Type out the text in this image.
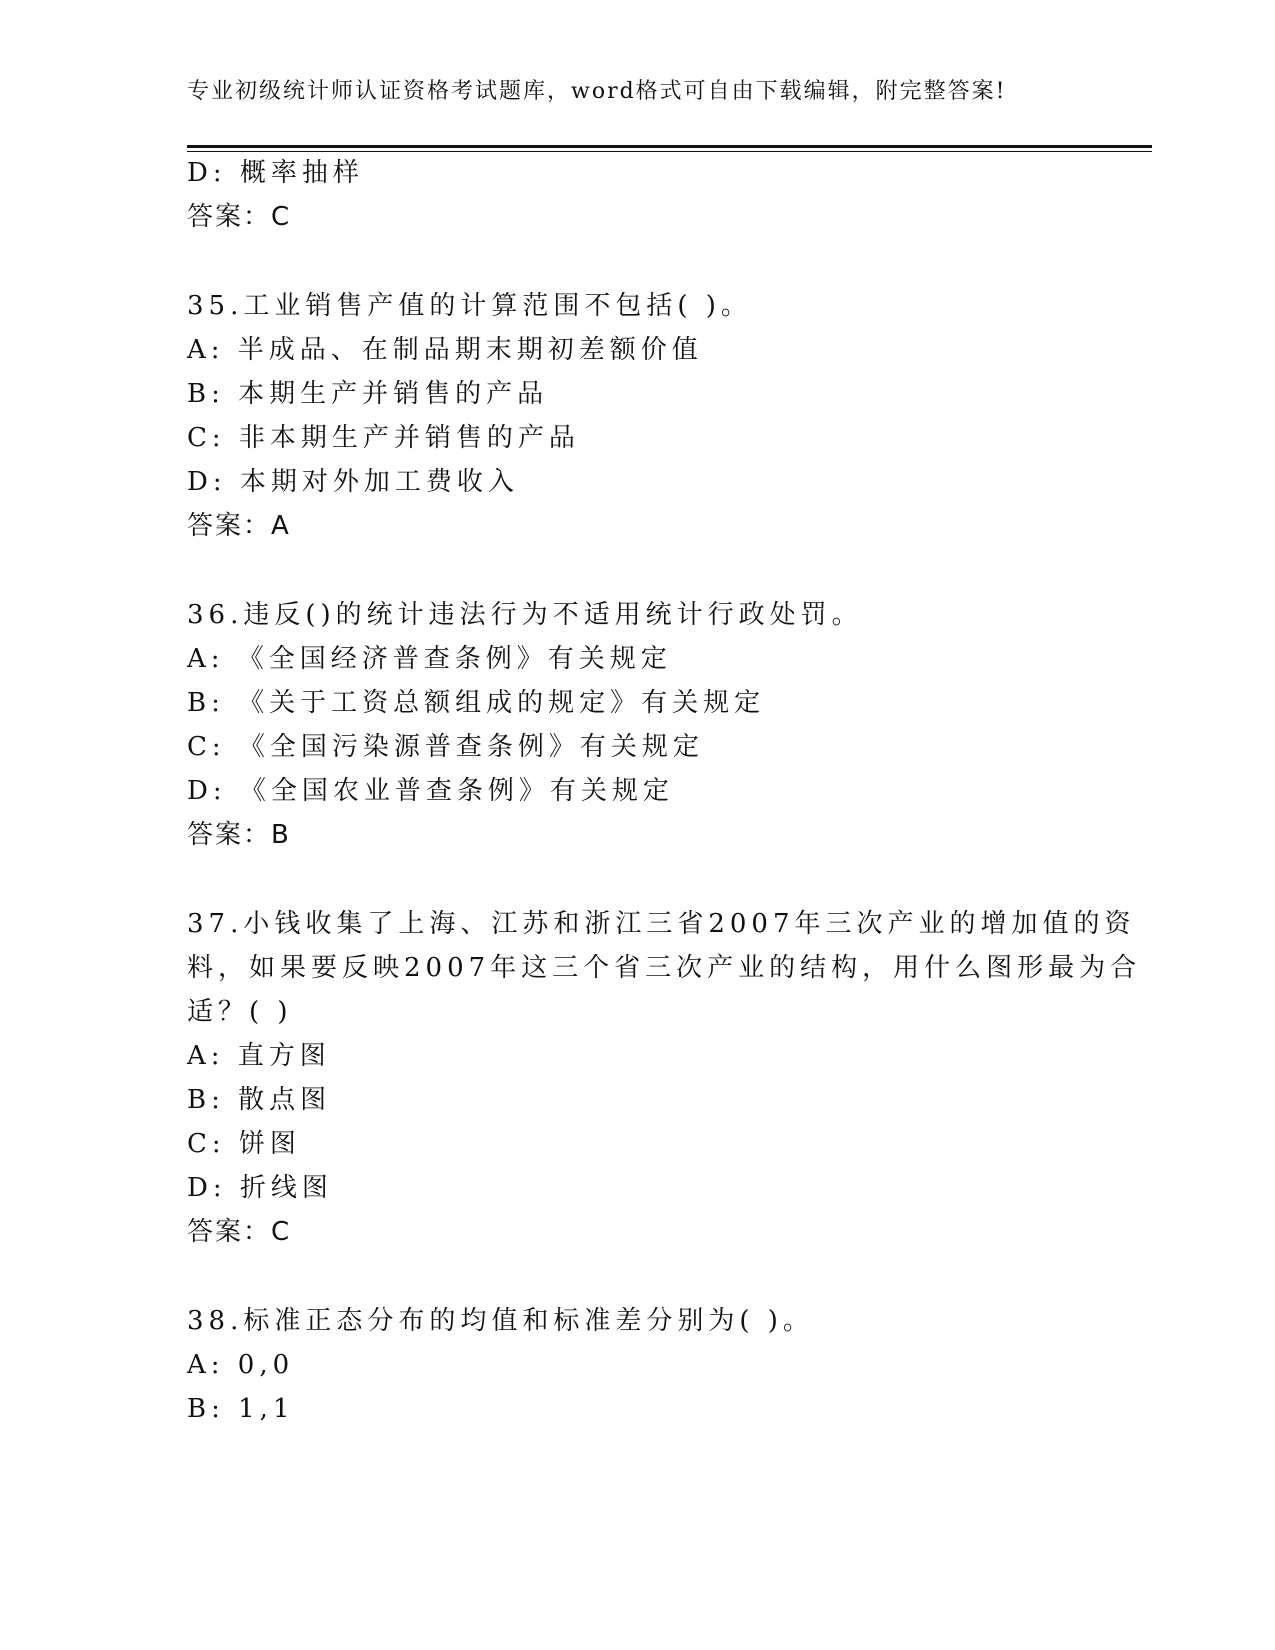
专业初级统计师认证资格考试题库，word格式可自由下载编辑，附完整答案!
D: 概率抽样
答案：C
35.工业销售产值的计算范围不包括( )。
A: 半成品、在制品期末期初差额价值
B: 本期生产并销售的产品
C: 非本期生产并销售的产品
D: 本期对外加工费收入
答案：A
36.违反()的统计违法行为不适用统计行政处罚。
A: 《全国经济普查条例》有关规定
B: 《关于工资总额组成的规定》有关规定
C: 《全国污染源普查条例》有关规定
D: 《全国农业普查条例》有关规定
答案：B
37.小钱收集了上海、江苏和浙江三省2007年三次产业的增加值的资
料，如果要反映2007年这三个省三次产业的结构，用什么图形最为合
适？( )
A: 直方图
B: 散点图
C: 饼图
D: 折线图
答案：C
38.标准正态分布的均值和标准差分别为( )。
A: 0,0
B: 1,1
